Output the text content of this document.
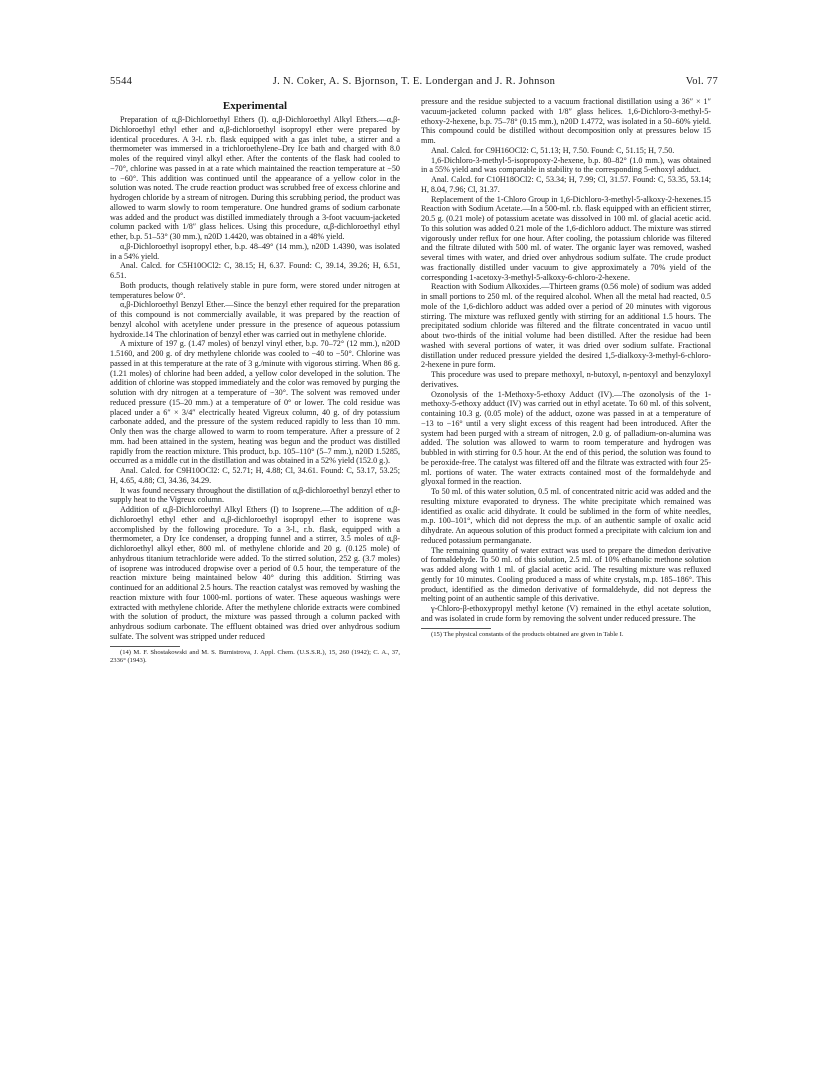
5544	J. N. Coker, A. S. Bjornson, T. E. Londergan and J. R. Johnson	Vol. 77
Experimental

Preparation of α,β-Dichloroethyl Ethers (I). α,β-Dichloroethyl Alkyl Ethers.—α,β-Dichloroethyl ethyl ether and α,β-dichloroethyl isopropyl ether were prepared by identical procedures. A 3-l. r.b. flask equipped with a gas inlet tube, a stirrer and a thermometer was immersed in a trichloroethylene–Dry Ice bath and charged with 8.0 moles of the required vinyl alkyl ether. After the contents of the flask had cooled to −70°, chlorine was passed in at a rate which maintained the reaction temperature at −50 to −60°. This addition was continued until the appearance of a yellow color in the solution was noted. The crude reaction product was scrubbed free of excess chlorine and hydrogen chloride by a stream of nitrogen. During this scrubbing period, the product was allowed to warm slowly to room temperature. One hundred grams of sodium carbonate was added and the product was distilled immediately through a 3-foot vacuum-jacketed column packed with 1/8″ glass helices. Using this procedure, α,β-dichloroethyl ethyl ether, b.p. 51–53° (30 mm.), n20D 1.4420, was obtained in a 48% yield.

α,β-Dichloroethyl isopropyl ether, b.p. 48–49° (14 mm.), n20D 1.4390, was isolated in a 54% yield.

Anal. Calcd. for C5H10OCl2: C, 38.15; H, 6.37. Found: C, 39.14, 39.26; H, 6.51, 6.51.

Both products, though relatively stable in pure form, were stored under nitrogen at temperatures below 0°.

α,β-Dichloroethyl Benzyl Ether.—Since the benzyl ether required for the preparation of this compound is not commercially available, it was prepared by the reaction of benzyl alcohol with acetylene under pressure in the presence of aqueous potassium hydroxide.14 The chlorination of benzyl ether was carried out in methylene chloride.

A mixture of 197 g. (1.47 moles) of benzyl vinyl ether, b.p. 70–72° (12 mm.), n20D 1.5160, and 200 g. of dry methylene chloride was cooled to −40 to −50°. Chlorine was passed in at this temperature at the rate of 3 g./minute with vigorous stirring. When 86 g. (1.21 moles) of chlorine had been added, a yellow color developed in the solution. The addition of chlorine was stopped immediately and the color was removed by purging the solution with dry nitrogen at a temperature of −30°. The solvent was removed under reduced pressure (15–20 mm.) at a temperature of 0° or lower. The cold residue was placed under a 6″ × 3/4″ electrically heated Vigreux column, 40 g. of dry potassium carbonate added, and the pressure of the system reduced rapidly to less than 10 mm. Only then was the charge allowed to warm to room temperature. After a pressure of 2 mm. had been attained in the system, heating was begun and the product was distilled rapidly from the reaction mixture. This product, b.p. 105–110° (5–7 mm.), n20D 1.5285, occurred as a middle cut in the distillation and was obtained in a 52% yield (152.0 g.).

Anal. Calcd. for C9H10OCl2: C, 52.71; H, 4.88; Cl, 34.61. Found: C, 53.17, 53.25; H, 4.65, 4.88; Cl, 34.36, 34.29.

It was found necessary throughout the distillation of α,β-dichloroethyl benzyl ether to supply heat to the Vigreux column.

Addition of α,β-Dichloroethyl Alkyl Ethers (I) to Isoprene.—The addition of α,β-dichloroethyl ethyl ether and α,β-dichloroethyl isopropyl ether to isoprene was accomplished by the following procedure. To a 3-l., r.b. flask, equipped with a thermometer, a Dry Ice condenser, a dropping funnel and a stirrer, 3.5 moles of α,β-dichloroethyl alkyl ether, 800 ml. of methylene chloride and 20 g. (0.125 mole) of anhydrous titanium tetrachloride were added. To the stirred solution, 252 g. (3.7 moles) of isoprene was introduced dropwise over a period of 0.5 hour, the temperature of the reaction mixture being maintained below 40° during this addition. Stirring was continued for an additional 2.5 hours. The reaction catalyst was removed by washing the reaction mixture with four 1000-ml. portions of water. These aqueous washings were extracted with methylene chloride. After the methylene chloride extracts were combined with the solution of product, the mixture was passed through a column packed with anhydrous sodium carbonate. The effluent obtained was dried over anhydrous sodium sulfate. The solvent was stripped under reduced

(14) M. F. Shostakowski and M. S. Burnistrova, J. Appl. Chem. (U.S.S.R.), 15, 260 (1942); C. A., 37, 2336° (1943).

pressure and the residue subjected to a vacuum fractional distillation using a 36″ × 1″ vacuum-jacketed column packed with 1/8″ glass helices. 1,6-Dichloro-3-methyl-5-ethoxy-2-hexene, b.p. 75–78° (0.15 mm.), n20D 1.4772, was isolated in a 50–60% yield. This compound could be distilled without decomposition only at pressures below 15 mm.

Anal. Calcd. for C9H16OCl2: C, 51.13; H, 7.50. Found: C, 51.15; H, 7.50.

1,6-Dichloro-3-methyl-5-isopropoxy-2-hexene, b.p. 80–82° (1.0 mm.), was obtained in a 55% yield and was comparable in stability to the corresponding 5-ethoxyl adduct.

Anal. Calcd. for C10H18OCl2: C, 53.34; H, 7.99; Cl, 31.57. Found: C, 53.35, 53.14; H, 8.04, 7.96; Cl, 31.37.

Replacement of the 1-Chloro Group in 1,6-Dichloro-3-methyl-5-alkoxy-2-hexenes.15 Reaction with Sodium Acetate.—In a 500-ml. r.b. flask equipped with an efficient stirrer, 20.5 g. (0.21 mole) of potassium acetate was dissolved in 100 ml. of glacial acetic acid. To this solution was added 0.21 mole of the 1,6-dichloro adduct. The mixture was stirred vigorously under reflux for one hour. After cooling, the potassium chloride was filtered and the filtrate diluted with 500 ml. of water. The organic layer was removed, washed several times with water, and dried over anhydrous sodium sulfate. The crude product was fractionally distilled under vacuum to give approximately a 70% yield of the corresponding 1-acetoxy-3-methyl-5-alkoxy-6-chloro-2-hexene.

Reaction with Sodium Alkoxides.—Thirteen grams (0.56 mole) of sodium was added in small portions to 250 ml. of the required alcohol. When all the metal had reacted, 0.5 mole of the 1,6-dichloro adduct was added over a period of 20 minutes with vigorous stirring. The mixture was refluxed gently with stirring for an additional 1.5 hours. The precipitated sodium chloride was filtered and the filtrate concentrated in vacuo until about two-thirds of the initial volume had been distilled. After the residue had been washed with several portions of water, it was dried over sodium sulfate. Fractional distillation under reduced pressure yielded the desired 1,5-dialkoxy-3-methyl-6-chloro-2-hexene in pure form.

This procedure was used to prepare methoxyl, n-butoxyl, n-pentoxyl and benzyloxyl derivatives.

Ozonolysis of the 1-Methoxy-5-ethoxy Adduct (IV).—The ozonolysis of the 1-methoxy-5-ethoxy adduct (IV) was carried out in ethyl acetate. To 60 ml. of this solvent, containing 10.3 g. (0.05 mole) of the adduct, ozone was passed in at a temperature of −13 to −16° until a very slight excess of this reagent had been introduced. After the system had been purged with a stream of nitrogen, 2.0 g. of palladium-on-alumina was added. The solution was allowed to warm to room temperature and hydrogen was bubbled in with stirring for 0.5 hour. At the end of this period, the solution was found to be peroxide-free. The catalyst was filtered off and the filtrate was extracted with four 25-ml. portions of water. The water extracts contained most of the formaldehyde and glyoxal formed in the reaction.

To 50 ml. of this water solution, 0.5 ml. of concentrated nitric acid was added and the resulting mixture evaporated to dryness. The white precipitate which remained was identified as oxalic acid dihydrate. It could be sublimed in the form of white needles, m.p. 100–101°, which did not depress the m.p. of an authentic sample of oxalic acid dihydrate. An aqueous solution of this product formed a precipitate with calcium ion and reduced potassium permanganate.

The remaining quantity of water extract was used to prepare the dimedon derivative of formaldehyde. To 50 ml. of this solution, 2.5 ml. of 10% ethanolic methone solution was added along with 1 ml. of glacial acetic acid. The resulting mixture was refluxed gently for 10 minutes. Cooling produced a mass of white crystals, m.p. 185–186°. This product, identified as the dimedon derivative of formaldehyde, did not depress the melting point of an authentic sample of this derivative.

γ-Chloro-β-ethoxypropyl methyl ketone (V) remained in the ethyl acetate solution, and was isolated in crude form by removing the solvent under reduced pressure. The

(15) The physical constants of the products obtained are given in Table I.
